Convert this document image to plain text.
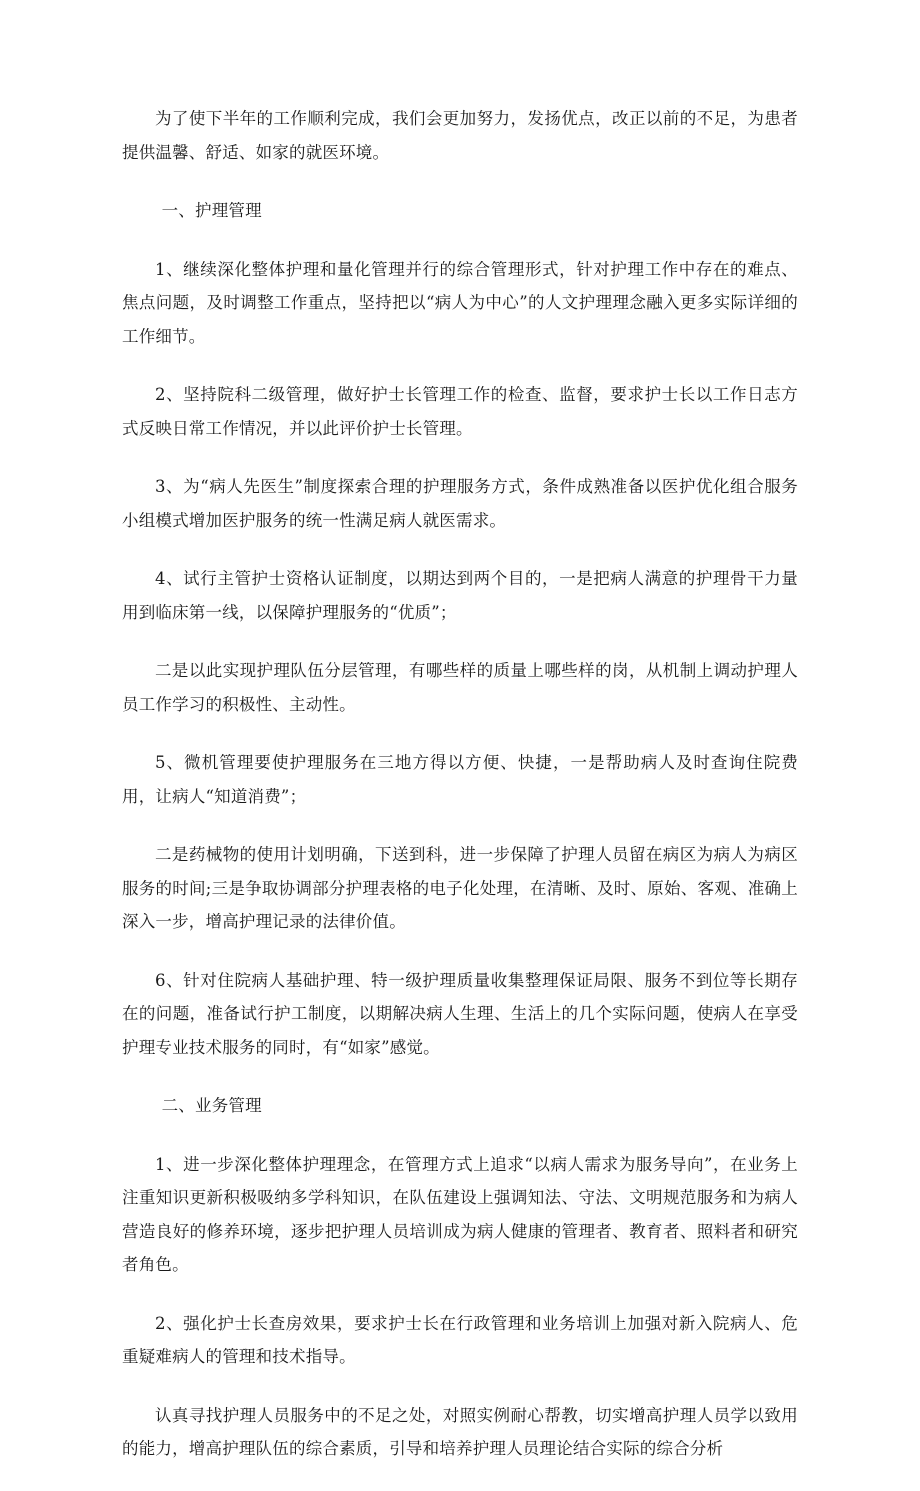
为了使下半年的工作顺利完成，我们会更加努力，发扬优点，改正以前的不足，为患者提供温馨、舒适、如家的就医环境。

一、护理管理

1、继续深化整体护理和量化管理并行的综合管理形式，针对护理工作中存在的难点、焦点问题，及时调整工作重点，坚持把以“病人为中心”的人文护理理念融入更多实际详细的工作细节。

2、坚持院科二级管理，做好护士长管理工作的检查、监督，要求护士长以工作日志方式反映日常工作情况，并以此评价护士长管理。

3、为“病人先医生”制度探索合理的护理服务方式，条件成熟准备以医护优化组合服务小组模式增加医护服务的统一性满足病人就医需求。

4、试行主管护士资格认证制度，以期达到两个目的，一是把病人满意的护理骨干力量用到临床第一线，以保障护理服务的“优质”；

二是以此实现护理队伍分层管理，有哪些样的质量上哪些样的岗，从机制上调动护理人员工作学习的积极性、主动性。

5、微机管理要使护理服务在三地方得以方便、快捷，一是帮助病人及时查询住院费用，让病人“知道消费”；

二是药械物的使用计划明确，下送到科，进一步保障了护理人员留在病区为病人为病区服务的时间;三是争取协调部分护理表格的电子化处理，在清晰、及时、原始、客观、准确上深入一步，增高护理记录的法律价值。

6、针对住院病人基础护理、特一级护理质量收集整理保证局限、服务不到位等长期存在的问题，准备试行护工制度，以期解决病人生理、生活上的几个实际问题，使病人在享受护理专业技术服务的同时，有“如家”感觉。

二、业务管理

1、进一步深化整体护理理念，在管理方式上追求“以病人需求为服务导向”，在业务上注重知识更新积极吸纳多学科知识，在队伍建设上强调知法、守法、文明规范服务和为病人营造良好的修养环境，逐步把护理人员培训成为病人健康的管理者、教育者、照料者和研究者角色。

2、强化护士长查房效果，要求护士长在行政管理和业务培训上加强对新入院病人、危重疑难病人的管理和技术指导。

认真寻找护理人员服务中的不足之处，对照实例耐心帮教，切实增高护理人员学以致用的能力，增高护理队伍的综合素质，引导和培养护理人员理论结合实际的综合分析
